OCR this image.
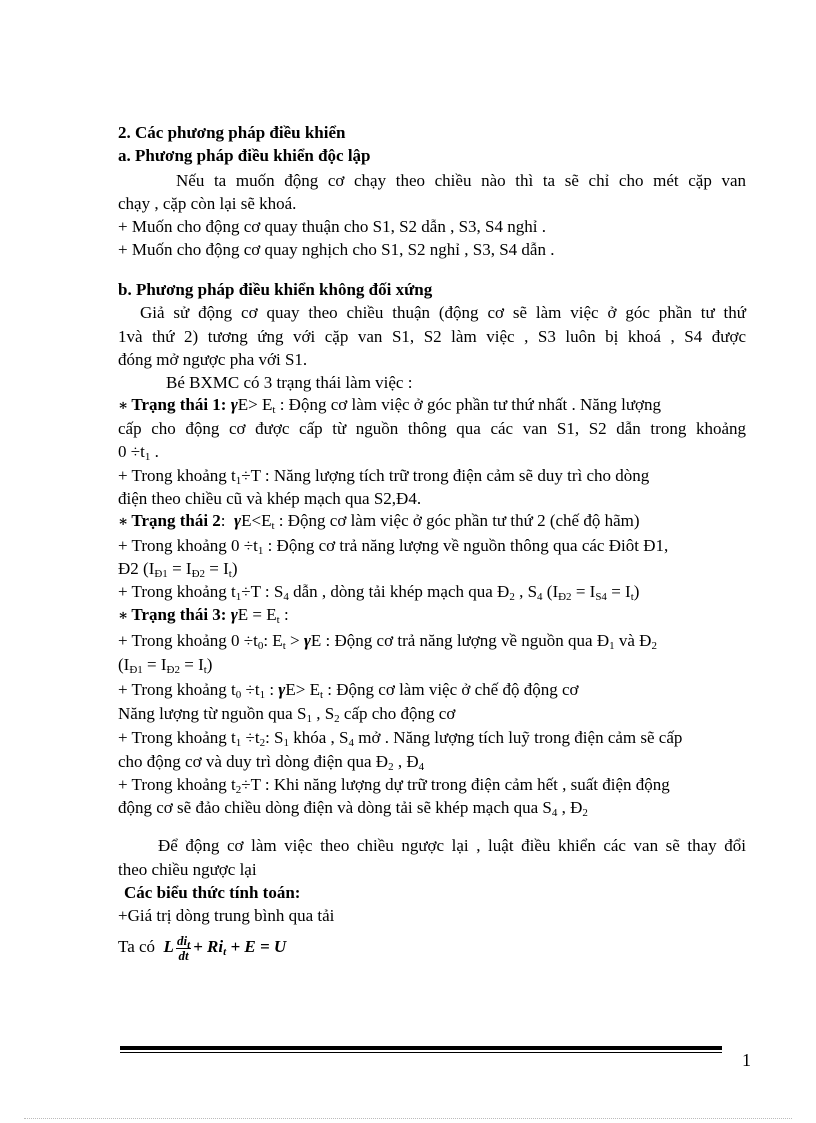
2. Các phương pháp điều khiển
a. Phương pháp điều khiển độc lập
Nếu ta muốn động cơ chạy theo chiều nào thì ta sẽ chỉ cho mét cặp van
chạy , cặp còn lại sẽ khoá.
+ Muốn cho động cơ quay thuận cho S1, S2 dẫn , S3, S4 nghỉ .
+ Muốn cho động cơ quay nghịch cho S1, S2 nghỉ , S3, S4 dẫn .
b. Phương pháp điều khiển không đối xứng
Giả sử động cơ quay theo chiều thuận (động cơ sẽ làm việc ở góc phần tư thứ
1và thứ 2) tương ứng với cặp van S1, S2 làm việc , S3 luôn bị khoá , S4 được
đóng mở ngược pha với S1.
Bé BXMC có 3 trạng thái làm việc :
∗ Trạng thái 1: $\gamma E> E_t$ : Động cơ làm việc ở góc phần tư thứ nhất . Năng lượng
cấp cho động cơ được cấp từ nguồn thông qua các van S1, S2 dẫn trong khoảng
$0 \div t_1$ .
+ Trong khoảng $t_1\div T$ : Năng lượng tích trữ trong điện cảm sẽ duy trì cho dòng
điện theo chiều cũ và khép mạch qua S2,Đ4.
∗ Trạng thái 2:  $\gamma E<E_t$ : Động cơ làm việc ở góc phần tư thứ 2 (chế độ hãm)
+ Trong khoảng $0 \div t_1$ : Động cơ trả năng lượng về nguồn thông qua các Điôt Đ1,
Đ2 $(I_{Đ1} = I_{Đ2} = I_t)$
+ Trong khoảng $t_1\div T$ : $S_4$ dẫn , dòng tải khép mạch qua $Đ_2$ , $S_4$ $(I_{Đ2} = I_{S4} = I_t)$
∗ Trạng thái 3: $\gamma E = E_t$ :
+ Trong khoảng $0 \div t_0$: $E_t > \gamma E$ : Động cơ trả năng lượng về nguồn qua $Đ_1$ và $Đ_2$
$(I_{Đ1} = I_{Đ2} = I_t)$
+ Trong khoảng $t_0 \div t_1$ : $\gamma E> E_t$ : Động cơ làm việc ở chế độ động cơ
Năng lượng từ nguồn qua $S_1$ , $S_2$ cấp cho động cơ
+ Trong khoảng $t_1 \div t_2$: $S_1$ khóa , $S_4$ mở . Năng lượng tích luỹ trong điện cảm sẽ cấp
cho động cơ và duy trì dòng điện qua $Đ_2$ , $Đ_4$
+ Trong khoảng $t_2\div T$ : Khi năng lượng dự trữ trong điện cảm hết , suất điện động
động cơ sẽ đảo chiều dòng điện và dòng tải sẽ khép mạch qua $S_4$ , $Đ_2$
Để động cơ làm việc theo chiều ngược lại , luật điều khiển các van sẽ thay đổi
theo chiều ngược lại
Các biểu thức tính toán:
+Giá trị dòng trung bình qua tải
Ta có L $\frac{di_t}{dt} + Ri_t + E = U$
1
